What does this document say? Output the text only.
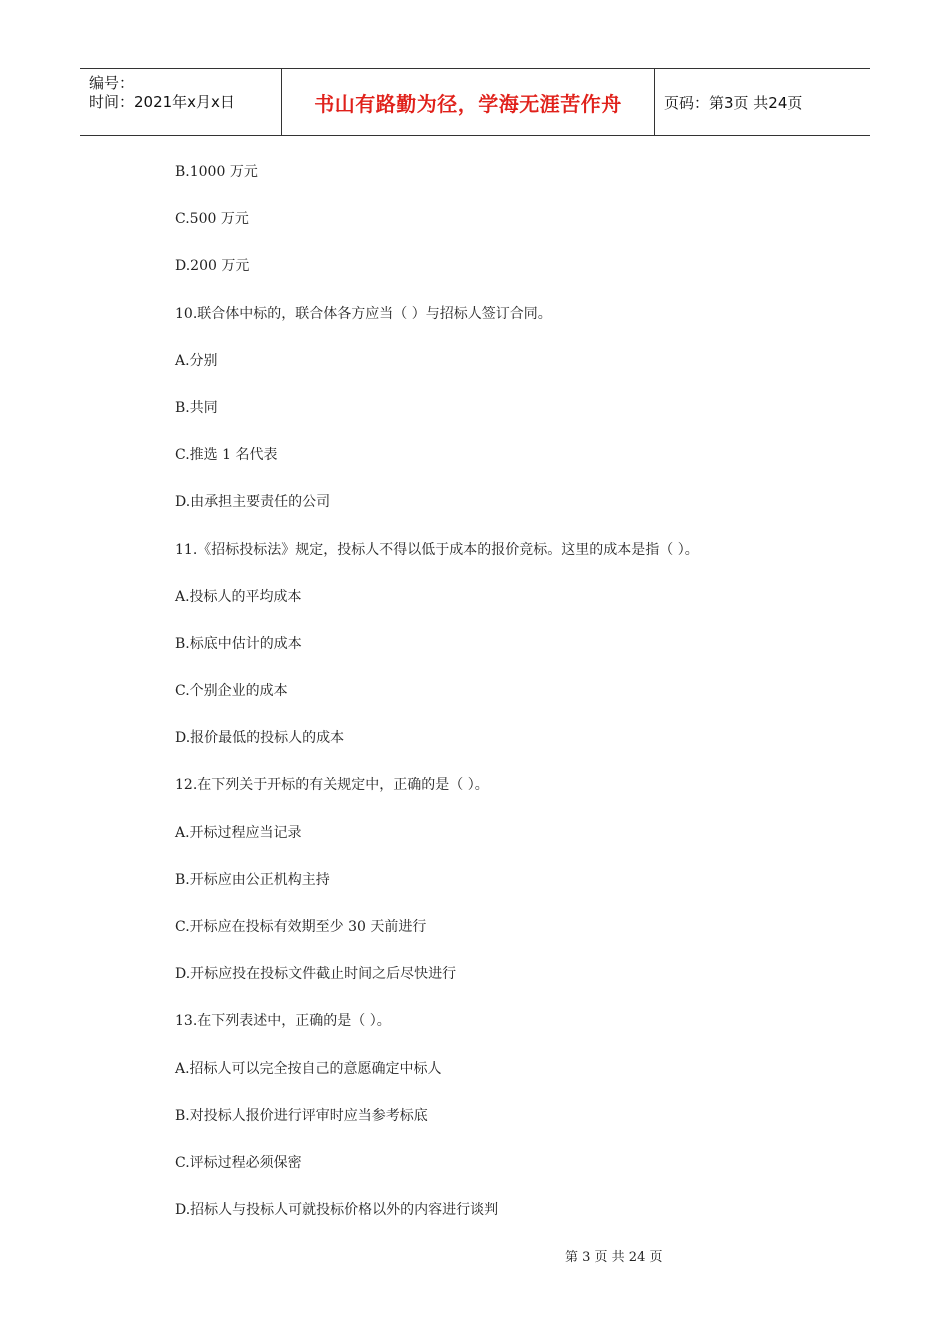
编号：
时间：2021年x月x日	书山有路勤为径，学海无涯苦作舟	页码：第3页 共24页
B.1000 万元
C.500 万元
D.200 万元
10.联合体中标的，联合体各方应当（ ）与招标人签订合同。
A.分别
B.共同
C.推选 1 名代表
D.由承担主要责任的公司
11.《招标投标法》规定，投标人不得以低于成本的报价竞标。这里的成本是指（ ）。
A.投标人的平均成本
B.标底中估计的成本
C.个别企业的成本
D.报价最低的投标人的成本
12.在下列关于开标的有关规定中，正确的是（ ）。
A.开标过程应当记录
B.开标应由公正机构主持
C.开标应在投标有效期至少 30 天前进行
D.开标应投在投标文件截止时间之后尽快进行
13.在下列表述中，正确的是（ ）。
A.招标人可以完全按自己的意愿确定中标人
B.对投标人报价进行评审时应当参考标底
C.评标过程必须保密
D.招标人与投标人可就投标价格以外的内容进行谈判
第 3 页 共 24 页
